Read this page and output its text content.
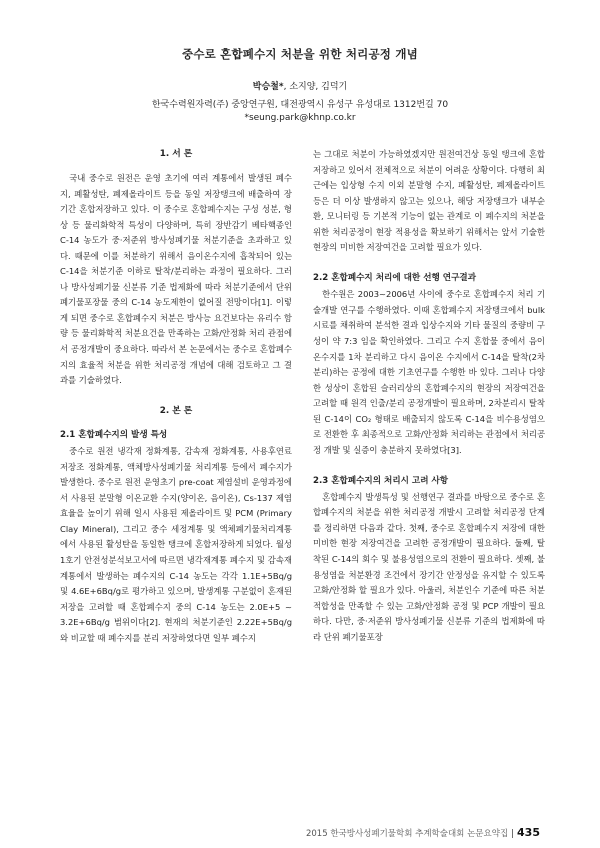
중수로 혼합폐수지 처분을 위한 처리공정 개념
박승철*, 소지양, 김덕기
한국수력원자력(주) 중앙연구원, 대전광역시 유성구 유성대로 1312번길 70
*seung.park@khnp.co.kr

1. 서 론

국내 중수로 원전은 운영 초기에 여러 계통에서 발생된 폐수지, 폐활성탄, 폐제올라이트 등을 동일 저장탱크에 배출하여 장기간 혼합저장하고 있다. 이 중수로 혼합폐수지는 구성 성분, 형상 등 물리화학적 특성이 다양하며, 특히 장반감기 베타핵종인 C-14 농도가 중·저준위 방사성폐기물 처분기준을 초과하고 있다. 때문에 이를 처분하기 위해서 음이온수지에 흡착되어 있는 C-14을 처분기준 이하로 탈착/분리하는 과정이 필요하다. 그러나 방사성폐기물 신분류 기준 법제화에 따라 처분기준에서 단위 폐기물포장물 중의 C-14 농도제한이 없어질 전망이다[1]. 이렇게 되면 중수로 혼합폐수지 처분은 방사능 요건보다는 유리수 함량 등 물리화학적 처분요건을 만족하는 고화/안정화 처리 관점에서 공정개발이 중요하다. 따라서 본 논문에서는 중수로 혼합폐수지의 효율적 처분을 위한 처리공정 개념에 대해 검토하고 그 결과를 기술하였다.

2. 본 론

2.1 혼합폐수지의 발생 특성

중수로 원전 냉각재 정화계통, 감속재 정화계통, 사용후연료 저장조 정화계통, 액체방사성폐기물 처리계통 등에서 폐수지가 발생한다. 중수로 원전 운영초기 pre-coat 제염설비 운영과정에서 사용된 분말형 이온교환 수지(양이온, 음이온), Cs-137 제염효율을 높이기 위해 일시 사용된 제올라이트 및 PCM (Primary Clay Mineral), 그리고 중수 세정계통 및 액체폐기물처리계통에서 사용된 활성탄을 동일한 탱크에 혼합저장하게 되었다. 월성 1호기 안전성분석보고서에 따르면 냉각재계통 폐수지 및 감속재 계통에서 발생하는 폐수지의 C-14 농도는 각각 1.1E+5Bq/g 및 4.6E+6Bq/g로 평가하고 있으며, 발생계통 구분없이 혼재된 저장을 고려할 때 혼합폐수지 중의 C-14 농도는 2.0E+5 ~ 3.2E+6Bq/g 범위이다[2]. 현재의 처분기준인 2.22E+5Bq/g와 비교할 때 폐수지를 분리 저장하였다면 일부 폐수지

는 그대로 처분이 가능하였겠지만 원전여건상 동일 탱크에 혼합저장하고 있어서 전체적으로 처분이 어려운 상황이다. 다행히 최근에는 입상형 수지 이외 분말형 수지, 폐활성탄, 폐제올라이트 등은 더 이상 발생하지 않고는 있으나, 해당 저장탱크가 내부순환, 모니터링 등 기본적 기능이 없는 관계로 이 폐수지의 처분을 위한 처리공정이 현장 적용성을 확보하기 위해서는 앞서 기술한 현장의 미비한 저장여건을 고려할 필요가 있다.

2.2 혼합폐수지 처리에 대한 선행 연구결과

한수원은 2003~2006년 사이에 중수로 혼합폐수지 처리 기술개발 연구를 수행하였다. 이때 혼합폐수지 저장탱크에서 bulk 시료를 채취하여 분석한 결과 입상수지와 기타 물질의 중량비 구성이 약 7:3 임을 확인하였다. 그리고 수지 혼합물 중에서 음이온수지를 1차 분리하고 다시 음이온 수지에서 C-14을 탈착(2차 분리)하는 공정에 대한 기초연구를 수행한 바 있다. 그러나 다양한 성상이 혼합된 슬러리상의 혼합폐수지의 현장의 저장여건을 고려할 때 원격 인출/분리 공정개발이 필요하며, 2차분리시 탈착된 C-14이 CO₂ 형태로 배출되지 않도록 C-14을 비수용성염으로 전환한 후 최종적으로 고화/안정화 처리하는 관점에서 처리공정 개발 및 실증이 충분하지 못하였다[3].

2.3 혼합폐수지의 처리시 고려 사항

혼합폐수지 발생특성 및 선행연구 결과를 바탕으로 중수로 혼합폐수지의 처분을 위한 처리공정 개발시 고려할 처리공정 단계를 정리하면 다음과 같다. 첫째, 중수로 혼합폐수지 저장에 대한 미비한 현장 저장여건을 고려한 공정개발이 필요하다. 둘째, 탈착된 C-14의 회수 및 불용성염으로의 전환이 필요하다. 셋째, 불용성염을 처분환경 조건에서 장기간 안정성을 유지할 수 있도록 고화/안정화 할 필요가 있다. 아울러, 처분인수 기준에 따른 처분적합성을 만족할 수 있는 고화/안정화 공정 및 PCP 개발이 필요하다. 다만, 중·저준위 방사성폐기물 신분류 기준의 법제화에 따라 단위 폐기물포장

2015 한국방사성폐기물학회 추계학술대회 논문요약집 | 435
